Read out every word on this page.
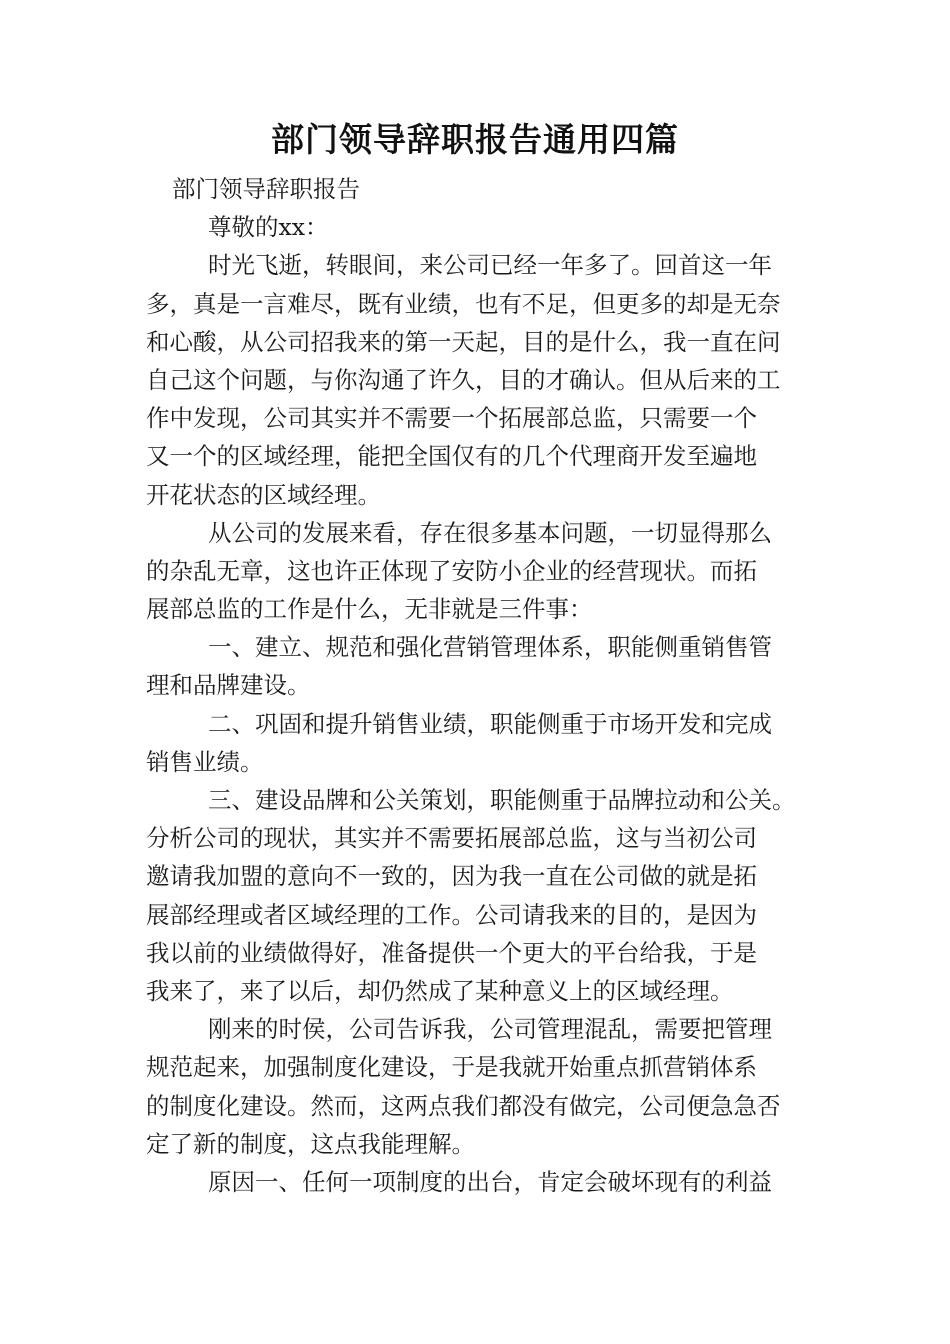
部门领导辞职报告通用四篇
部门领导辞职报告
尊敬的xx：
时光飞逝，转眼间，来公司已经一年多了。回首这一年
多，真是一言难尽，既有业绩，也有不足，但更多的却是无奈
和心酸，从公司招我来的第一天起，目的是什么，我一直在问
自己这个问题，与你沟通了许久，目的才确认。但从后来的工
作中发现，公司其实并不需要一个拓展部总监，只需要一个
又一个的区域经理，能把全国仅有的几个代理商开发至遍地
开花状态的区域经理。
从公司的发展来看，存在很多基本问题，一切显得那么
的杂乱无章，这也许正体现了安防小企业的经营现状。而拓
展部总监的工作是什么，无非就是三件事：
一、建立、规范和强化营销管理体系，职能侧重销售管
理和品牌建设。
二、巩固和提升销售业绩，职能侧重于市场开发和完成
销售业绩。
三、建设品牌和公关策划，职能侧重于品牌拉动和公关。
分析公司的现状，其实并不需要拓展部总监，这与当初公司
邀请我加盟的意向不一致的，因为我一直在公司做的就是拓
展部经理或者区域经理的工作。公司请我来的目的，是因为
我以前的业绩做得好，准备提供一个更大的平台给我，于是
我来了，来了以后，却仍然成了某种意义上的区域经理。
刚来的时侯，公司告诉我，公司管理混乱，需要把管理
规范起来，加强制度化建设，于是我就开始重点抓营销体系
的制度化建设。然而，这两点我们都没有做完，公司便急急否
定了新的制度，这点我能理解。
原因一、任何一项制度的出台，肯定会破坏现有的利益
